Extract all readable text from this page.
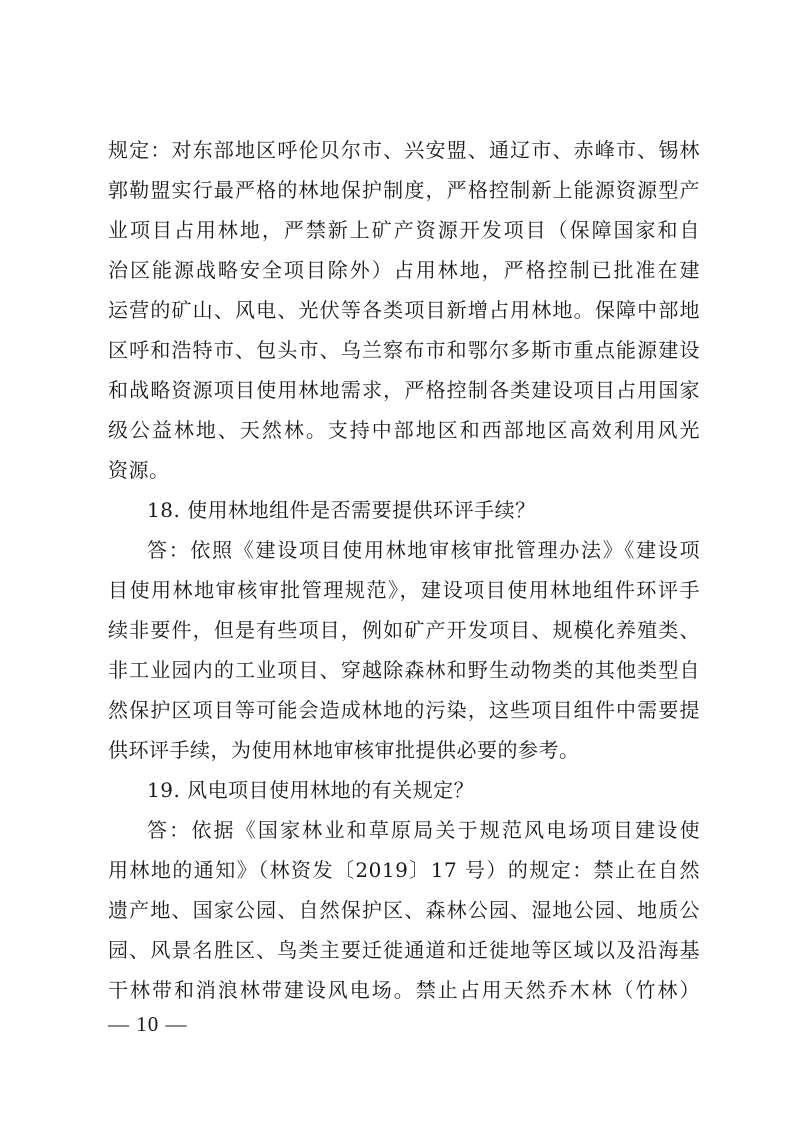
规定：对东部地区呼伦贝尔市、兴安盟、通辽市、赤峰市、锡林
郭勒盟实行最严格的林地保护制度，严格控制新上能源资源型产
业项目占用林地，严禁新上矿产资源开发项目（保障国家和自
治区能源战略安全项目除外）占用林地，严格控制已批准在建
运营的矿山、风电、光伏等各类项目新增占用林地。保障中部地
区呼和浩特市、包头市、乌兰察布市和鄂尔多斯市重点能源建设
和战略资源项目使用林地需求，严格控制各类建设项目占用国家
级公益林地、天然林。支持中部地区和西部地区高效利用风光
资源。
18. 使用林地组件是否需要提供环评手续？
答：依照《建设项目使用林地审核审批管理办法》《建设项
目使用林地审核审批管理规范》，建设项目使用林地组件环评手
续非要件，但是有些项目，例如矿产开发项目、规模化养殖类、
非工业园内的工业项目、穿越除森林和野生动物类的其他类型自
然保护区项目等可能会造成林地的污染，这些项目组件中需要提
供环评手续，为使用林地审核审批提供必要的参考。
19. 风电项目使用林地的有关规定？
答：依据《国家林业和草原局关于规范风电场项目建设使
用林地的通知》（林资发〔2019〕17 号）的规定：禁止在自然
遗产地、国家公园、自然保护区、森林公园、湿地公园、地质公
园、风景名胜区、鸟类主要迁徙通道和迁徙地等区域以及沿海基
干林带和消浪林带建设风电场。禁止占用天然乔木林（竹林）
— 10 —
